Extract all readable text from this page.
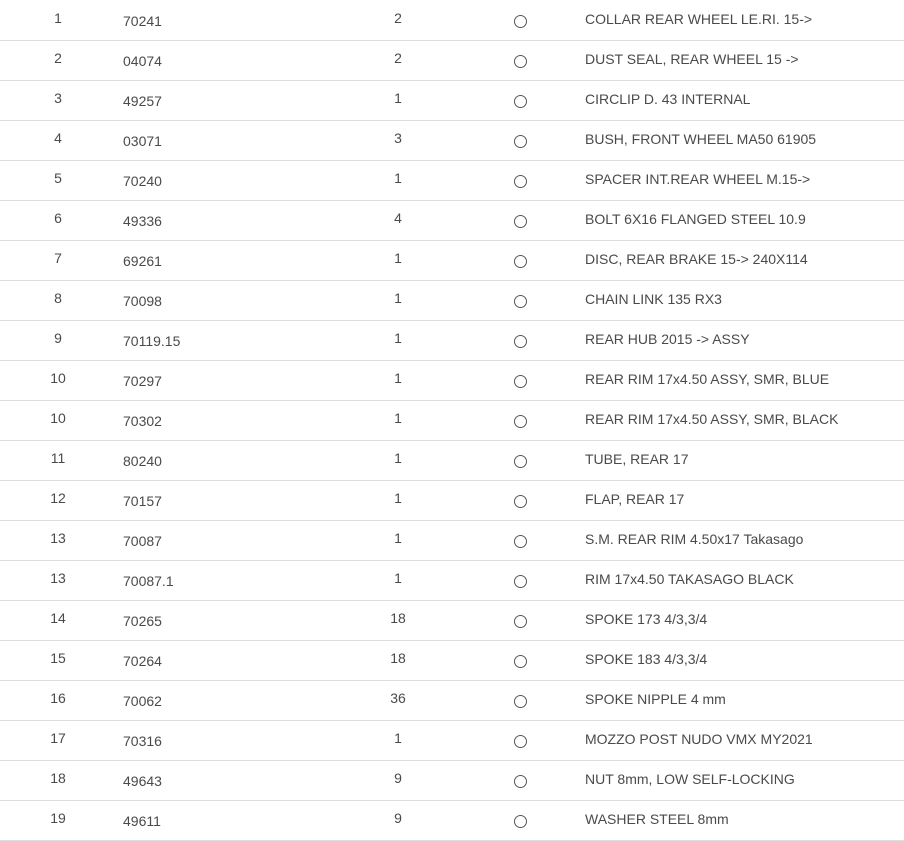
1	70241	2		COLLAR REAR WHEEL LE.RI. 15->
2	04074	2		DUST SEAL, REAR WHEEL 15 ->
3	49257	1		CIRCLIP D. 43 INTERNAL
4	03071	3		BUSH, FRONT WHEEL MA50 61905
5	70240	1		SPACER INT.REAR WHEEL M.15->
6	49336	4		BOLT 6X16 FLANGED STEEL 10.9
7	69261	1		DISC, REAR BRAKE 15-> 240X114
8	70098	1		CHAIN LINK 135 RX3
9	70119.15	1		REAR HUB 2015 -> ASSY
10	70297	1		REAR RIM 17x4.50 ASSY, SMR, BLUE
10	70302	1		REAR RIM 17x4.50 ASSY, SMR, BLACK
11	80240	1		TUBE, REAR 17
12	70157	1		FLAP, REAR 17
13	70087	1		S.M. REAR RIM 4.50x17 Takasago
13	70087.1	1		RIM 17x4.50 TAKASAGO BLACK
14	70265	18		SPOKE 173 4/3,3/4
15	70264	18		SPOKE 183 4/3,3/4
16	70062	36		SPOKE NIPPLE 4 mm
17	70316	1		MOZZO POST NUDO VMX MY2021
18	49643	9		NUT 8mm, LOW SELF-LOCKING
19	49611	9		WASHER STEEL 8mm
